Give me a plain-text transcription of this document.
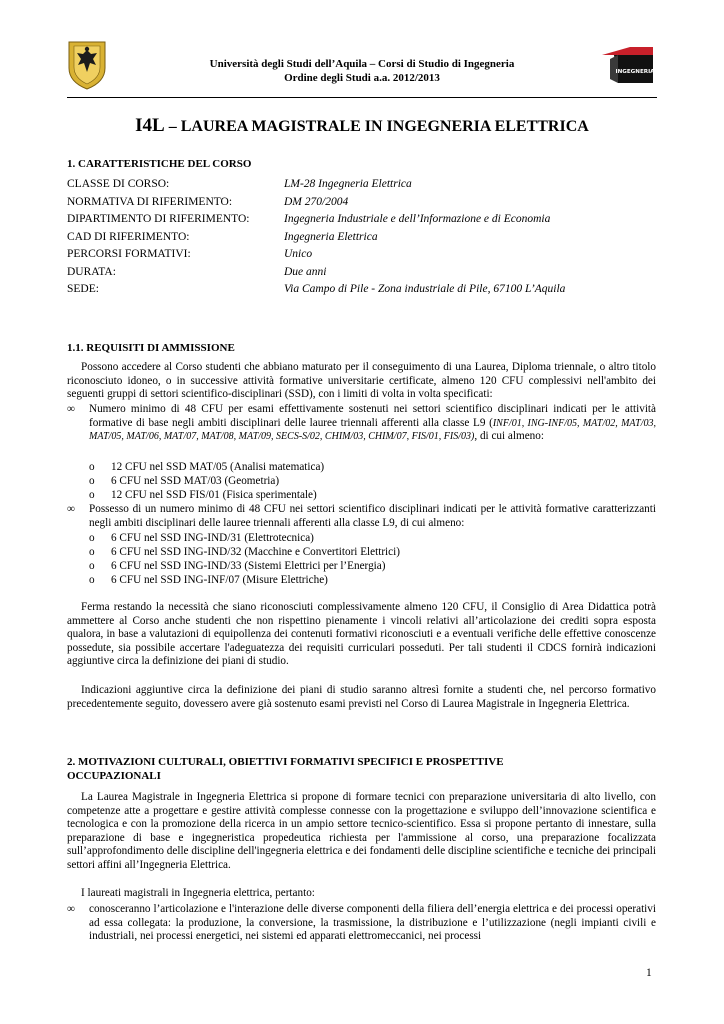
Università degli Studi dell’Aquila – Corsi di Studio di Ingegneria
Ordine degli Studi a.a. 2012/2013	INGEGNERIA
I4L – LAUREA MAGISTRALE IN INGEGNERIA ELETTRICA
1. CARATTERISTICHE DEL CORSO
CLASSE DI CORSO:	LM-28 Ingegneria Elettrica
NORMATIVA DI RIFERIMENTO:	DM 270/2004
DIPARTIMENTO DI RIFERIMENTO:	Ingegneria Industriale e dell’Informazione e di Economia
CAD DI RIFERIMENTO:	Ingegneria Elettrica
PERCORSI FORMATIVI:	Unico
DURATA:	Due anni
SEDE:	Via Campo di Pile - Zona industriale di Pile, 67100 L’Aquila
1.1. REQUISITI DI AMMISSIONE
Possono accedere al Corso studenti che abbiano maturato per il conseguimento di una Laurea, Diploma triennale, o altro titolo riconosciuto idoneo, o in successive attività formative universitarie certificate, almeno 120 CFU complessivi nell'ambito dei seguenti gruppi di settori scientifico-disciplinari (SSD), con i limiti di volta in volta specificati:
∞	Numero minimo di 48 CFU per esami effettivamente sostenuti nei settori scientifico disciplinari indicati per le attività formative di base negli ambiti disciplinari delle lauree triennali afferenti alla classe L9 (INF/01, ING-INF/05, MAT/02, MAT/03, MAT/05, MAT/06, MAT/07, MAT/08, MAT/09, SECS-S/02, CHIM/03, CHIM/07, FIS/01, FIS/03), di cui almeno:
o	12 CFU nel SSD MAT/05 (Analisi matematica)
o	6 CFU nel SSD MAT/03 (Geometria)
o	12 CFU nel SSD FIS/01 (Fisica sperimentale)
∞	Possesso di un numero minimo di 48 CFU nei settori scientifico disciplinari indicati per le attività formative caratterizzanti negli ambiti disciplinari delle lauree triennali afferenti alla classe L9, di cui almeno:
o	6 CFU nel SSD ING-IND/31 (Elettrotecnica)
o	6 CFU nel SSD ING-IND/32 (Macchine e Convertitori Elettrici)
o	6 CFU nel SSD ING-IND/33 (Sistemi Elettrici per l’Energia)
o	6 CFU nel SSD ING-INF/07 (Misure Elettriche)
Ferma restando la necessità che siano riconosciuti complessivamente almeno 120 CFU, il Consiglio di Area Didattica potrà ammettere al Corso anche studenti che non rispettino pienamente i vincoli relativi all’articolazione dei crediti sopra esposta qualora, in base a valutazioni di equipollenza dei contenuti formativi riconosciuti e a eventuali verifiche delle effettive conoscenze possedute, sia possibile accertare l'adeguatezza dei requisiti curriculari posseduti. Per tali studenti il CDCS fornirà indicazioni aggiuntive circa la definizione dei piani di studio.
Indicazioni aggiuntive circa la definizione dei piani di studio saranno altresì fornite a studenti che, nel percorso formativo precedentemente seguito, dovessero avere già sostenuto esami previsti nel Corso di Laurea Magistrale in Ingegneria Elettrica.
2. MOTIVAZIONI CULTURALI, OBIETTIVI FORMATIVI SPECIFICI E PROSPETTIVE
OCCUPAZIONALI
La Laurea Magistrale in Ingegneria Elettrica si propone di formare tecnici con preparazione universitaria di alto livello, con competenze atte a progettare e gestire attività complesse connesse con la progettazione e sviluppo dell’innovazione scientifica e tecnologica e con la promozione della ricerca in un ampio settore tecnico-scientifico. Essa si propone pertanto di innestare, sulla preparazione di base e ingegneristica propedeutica richiesta per l'ammissione al corso, una preparazione focalizzata sull’approfondimento delle discipline dell'ingegneria elettrica e dei fondamenti delle discipline scientifiche e tecniche dei principali settori affini all’Ingegneria Elettrica.
I laureati magistrali in Ingegneria elettrica, pertanto:
∞	conosceranno l’articolazione e l'interazione delle diverse componenti della filiera dell’energia elettrica e dei processi operativi ad essa collegata: la produzione, la conversione, la trasmissione, la distribuzione e l’utilizzazione (negli impianti civili e industriali, nei processi energetici, nei sistemi ed apparati elettromeccanici, nei processi
1
